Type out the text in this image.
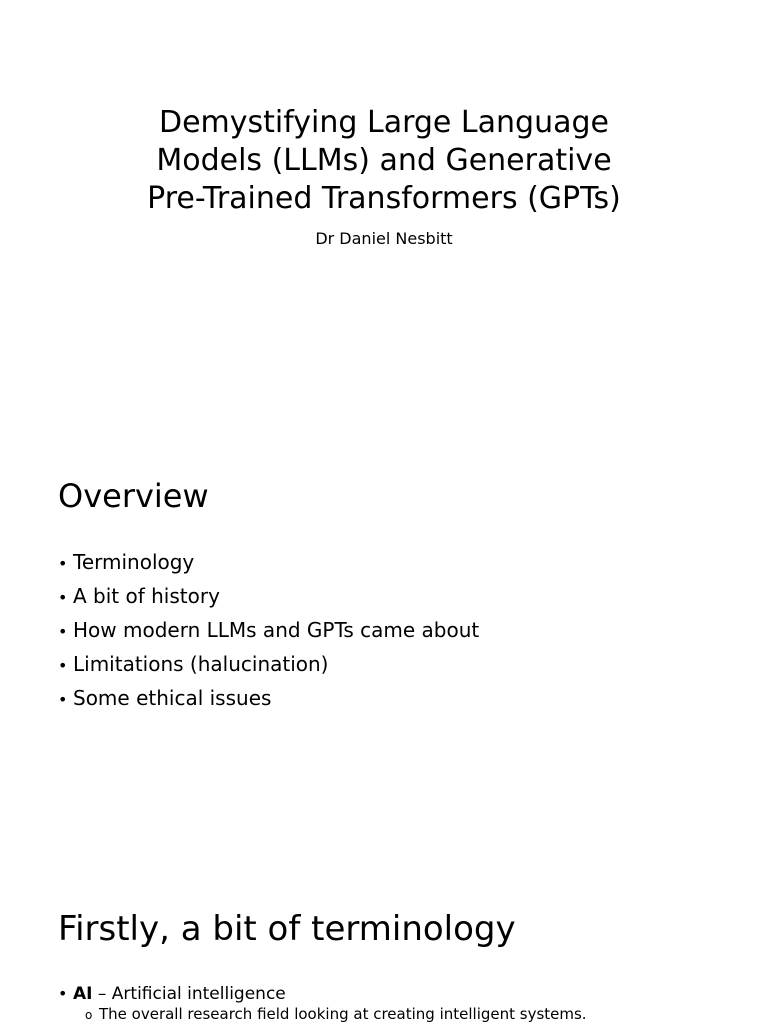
Demystifying Large Language
Models (LLMs) and Generative
Pre-Trained Transformers (GPTs)
Dr Daniel Nesbitt
Overview
• Terminology
• A bit of history
• How modern LLMs and GPTs came about
• Limitations (halucination)
• Some ethical issues
Firstly, a bit of terminology
• AI – Artificial intelligence
o The overall research field looking at creating intelligent systems.
